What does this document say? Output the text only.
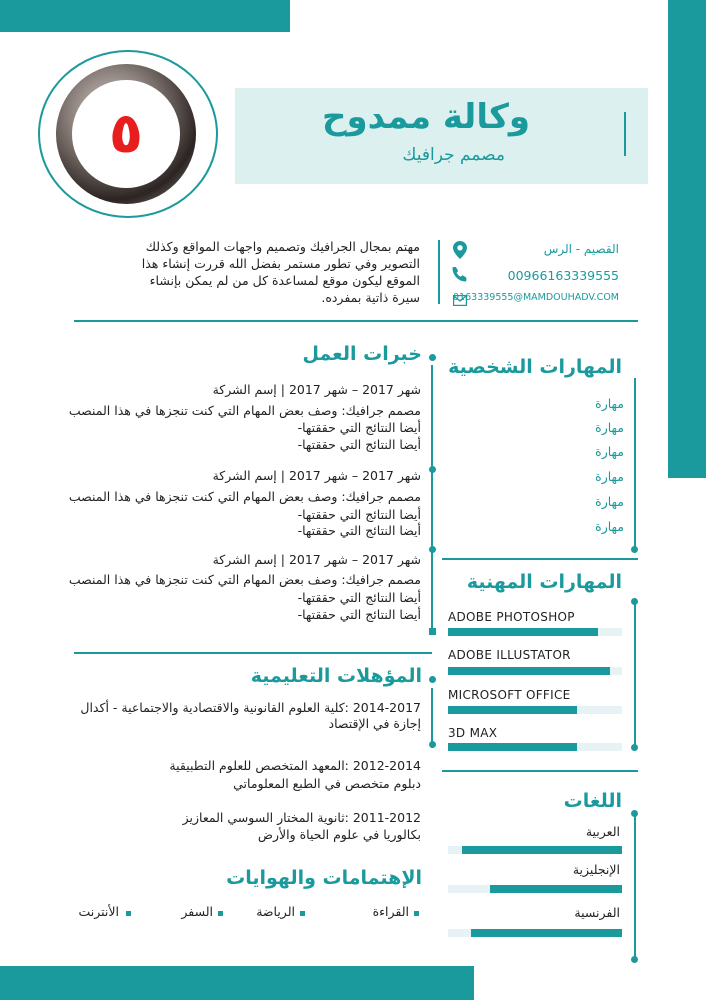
٥	وكالة ممدوح
مصمم جرافيك
مهتم بمجال الجرافيك وتصميم واجهات المواقع وكذلك التصوير وفي تطور مستمر بفضل الله قررت إنشاء هذا الموقع ليكون موقع لمساعدة كل من لم يمكن بإنشاء سيرة ذاتية بمفرده.
القصيم - الرس
00966163339555
0163339555@MAMDOUHADV.COM
المهارات الشخصية
مهارة
مهارة
مهارة
مهارة
مهارة
مهارة
المهارات المهنية
ADOBE PHOTOSHOP
ADOBE ILLUSTATOR
MICROSOFT OFFICE
3D MAX
اللغات
العربية
الإنجليزية
الفرنسية
خبرات العمل
شهر 2017 – شهر 2017 | إسم الشركة
مصمم جرافيك: وصف بعض المهام التي كنت تنجزها في هذا المنصب
أيضا النتائج التي حققتها-
أيضا النتائج التي حققتها-
شهر 2017 – شهر 2017 | إسم الشركة
مصمم جرافيك: وصف بعض المهام التي كنت تنجزها في هذا المنصب
أيضا النتائج التي حققتها-
أيضا النتائج التي حققتها-
شهر 2017 – شهر 2017 | إسم الشركة
مصمم جرافيك: وصف بعض المهام التي كنت تنجزها في هذا المنصب
أيضا النتائج التي حققتها-
أيضا النتائج التي حققتها-
المؤهلات التعليمية
2014-2017 :كلية العلوم القانونية والاقتصادية والاجتماعية - أكدال
إجازة في الإقتصاد
2012-2014 :المعهد المتخصص للعلوم التطبيقية
دبلوم متخصص في الطبع المعلوماتي
2011-2012 :ثانوية المختار السوسي المعازيز
بكالوريا في علوم الحياة والأرض
الإهتمامات والهوايات
القراءة
الرياضة
السفر
الأنترنت
